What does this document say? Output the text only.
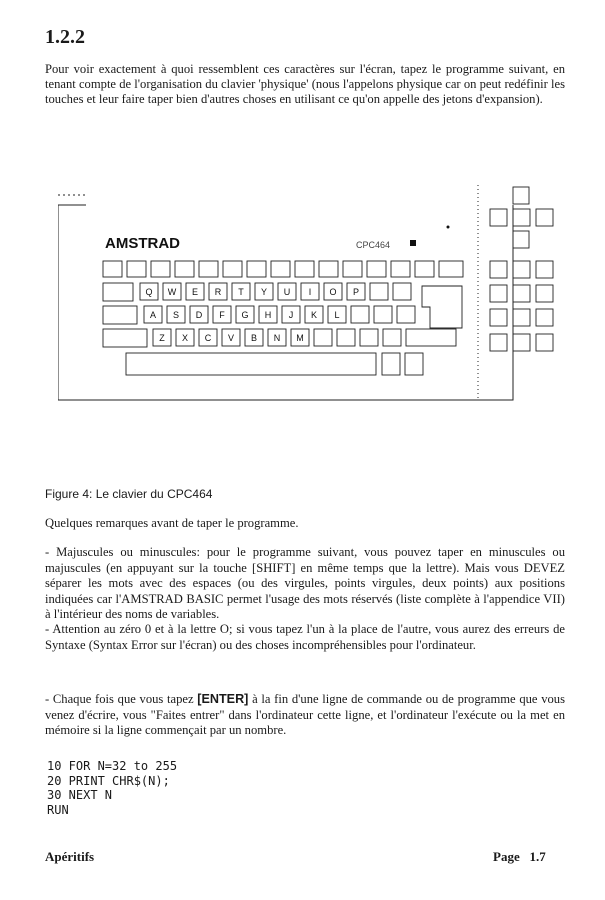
1.2.2
Pour voir exactement à quoi ressemblent ces caractères sur l'écran, tapez le programme suivant, en tenant compte de l'organisation du clavier 'physique' (nous l'appelons physique car on peut redéfinir les touches et leur faire taper bien d'autres choses en utilisant ce qu'on appelle des jetons d'expansion).
AMSTRAD	CPC464
Q W E R T Y U I O P
A S D F G H J K L
Z X C V B N M
Figure 4: Le clavier du CPC464
Quelques remarques avant de taper le programme.
- Majuscules ou minuscules: pour le programme suivant, vous pouvez taper en minuscules ou majuscules (en appuyant sur la touche [SHIFT] en même temps que la lettre). Mais vous DEVEZ séparer les mots avec des espaces (ou des virgules, points virgules, deux points) aux positions indiquées car l'AMSTRAD BASIC permet l'usage des mots réservés (liste complète à l'appendice VII) à l'intérieur des noms de variables.
- Attention au zéro 0 et à la lettre O; si vous tapez l'un à la place de l'autre, vous aurez des erreurs de Syntaxe (Syntax Error sur l'écran) ou des choses incompréhensibles pour l'ordinateur.
- Chaque fois que vous tapez [ENTER] à la fin d'une ligne de commande ou de programme que vous venez d'écrire, vous "Faites entrer" dans l'ordinateur cette ligne, et l'ordinateur l'exécute ou la met en mémoire si la ligne commençait par un nombre.
10 FOR N=32 to 255
20 PRINT CHR$(N);
30 NEXT N
RUN
Apéritifs	Page   1.7
